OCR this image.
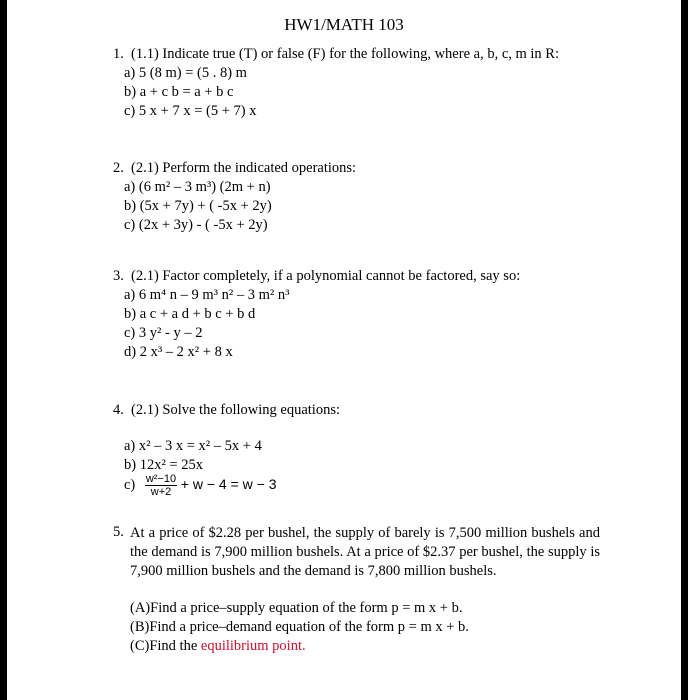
HW1/MATH 103
1. (1.1) Indicate true (T) or false (F) for the following, where a, b, c, m in R:
a) 5 (8 m) = (5 . 8) m
b) a + c b = a + b c
c) 5 x + 7 x = (5 + 7) x
2. (2.1) Perform the indicated operations:
a) (6 m² – 3 m³) (2m + n)
b) (5x + 7y) + ( -5x + 2y)
c) (2x + 3y) - ( -5x + 2y)
3. (2.1) Factor completely, if a polynomial cannot be factored, say so:
a) 6 m⁴ n – 9 m³ n² – 3 m² n³
b) a c + a d + b c + b d
c) 3 y² - y – 2
d) 2 x³ – 2 x² + 8 x
4. (2.1) Solve the following equations:
a) x² – 3 x = x² – 5x + 4
b) 12x² = 25x
$c) \frac{\text{w²−10}}{w+2} + w - 4 = w - 3$
5. At a price of $2.28 per bushel, the supply of barely is 7,500 million bushels and the demand is 7,900 million bushels. At a price of $2.37 per bushel, the supply is 7,900 million bushels and the demand is 7,800 million bushels.
(A)Find a price–supply equation of the form p = m x + b.
(B)Find a price–demand equation of the form p = m x + b.
(C)Find the equilibrium point.
